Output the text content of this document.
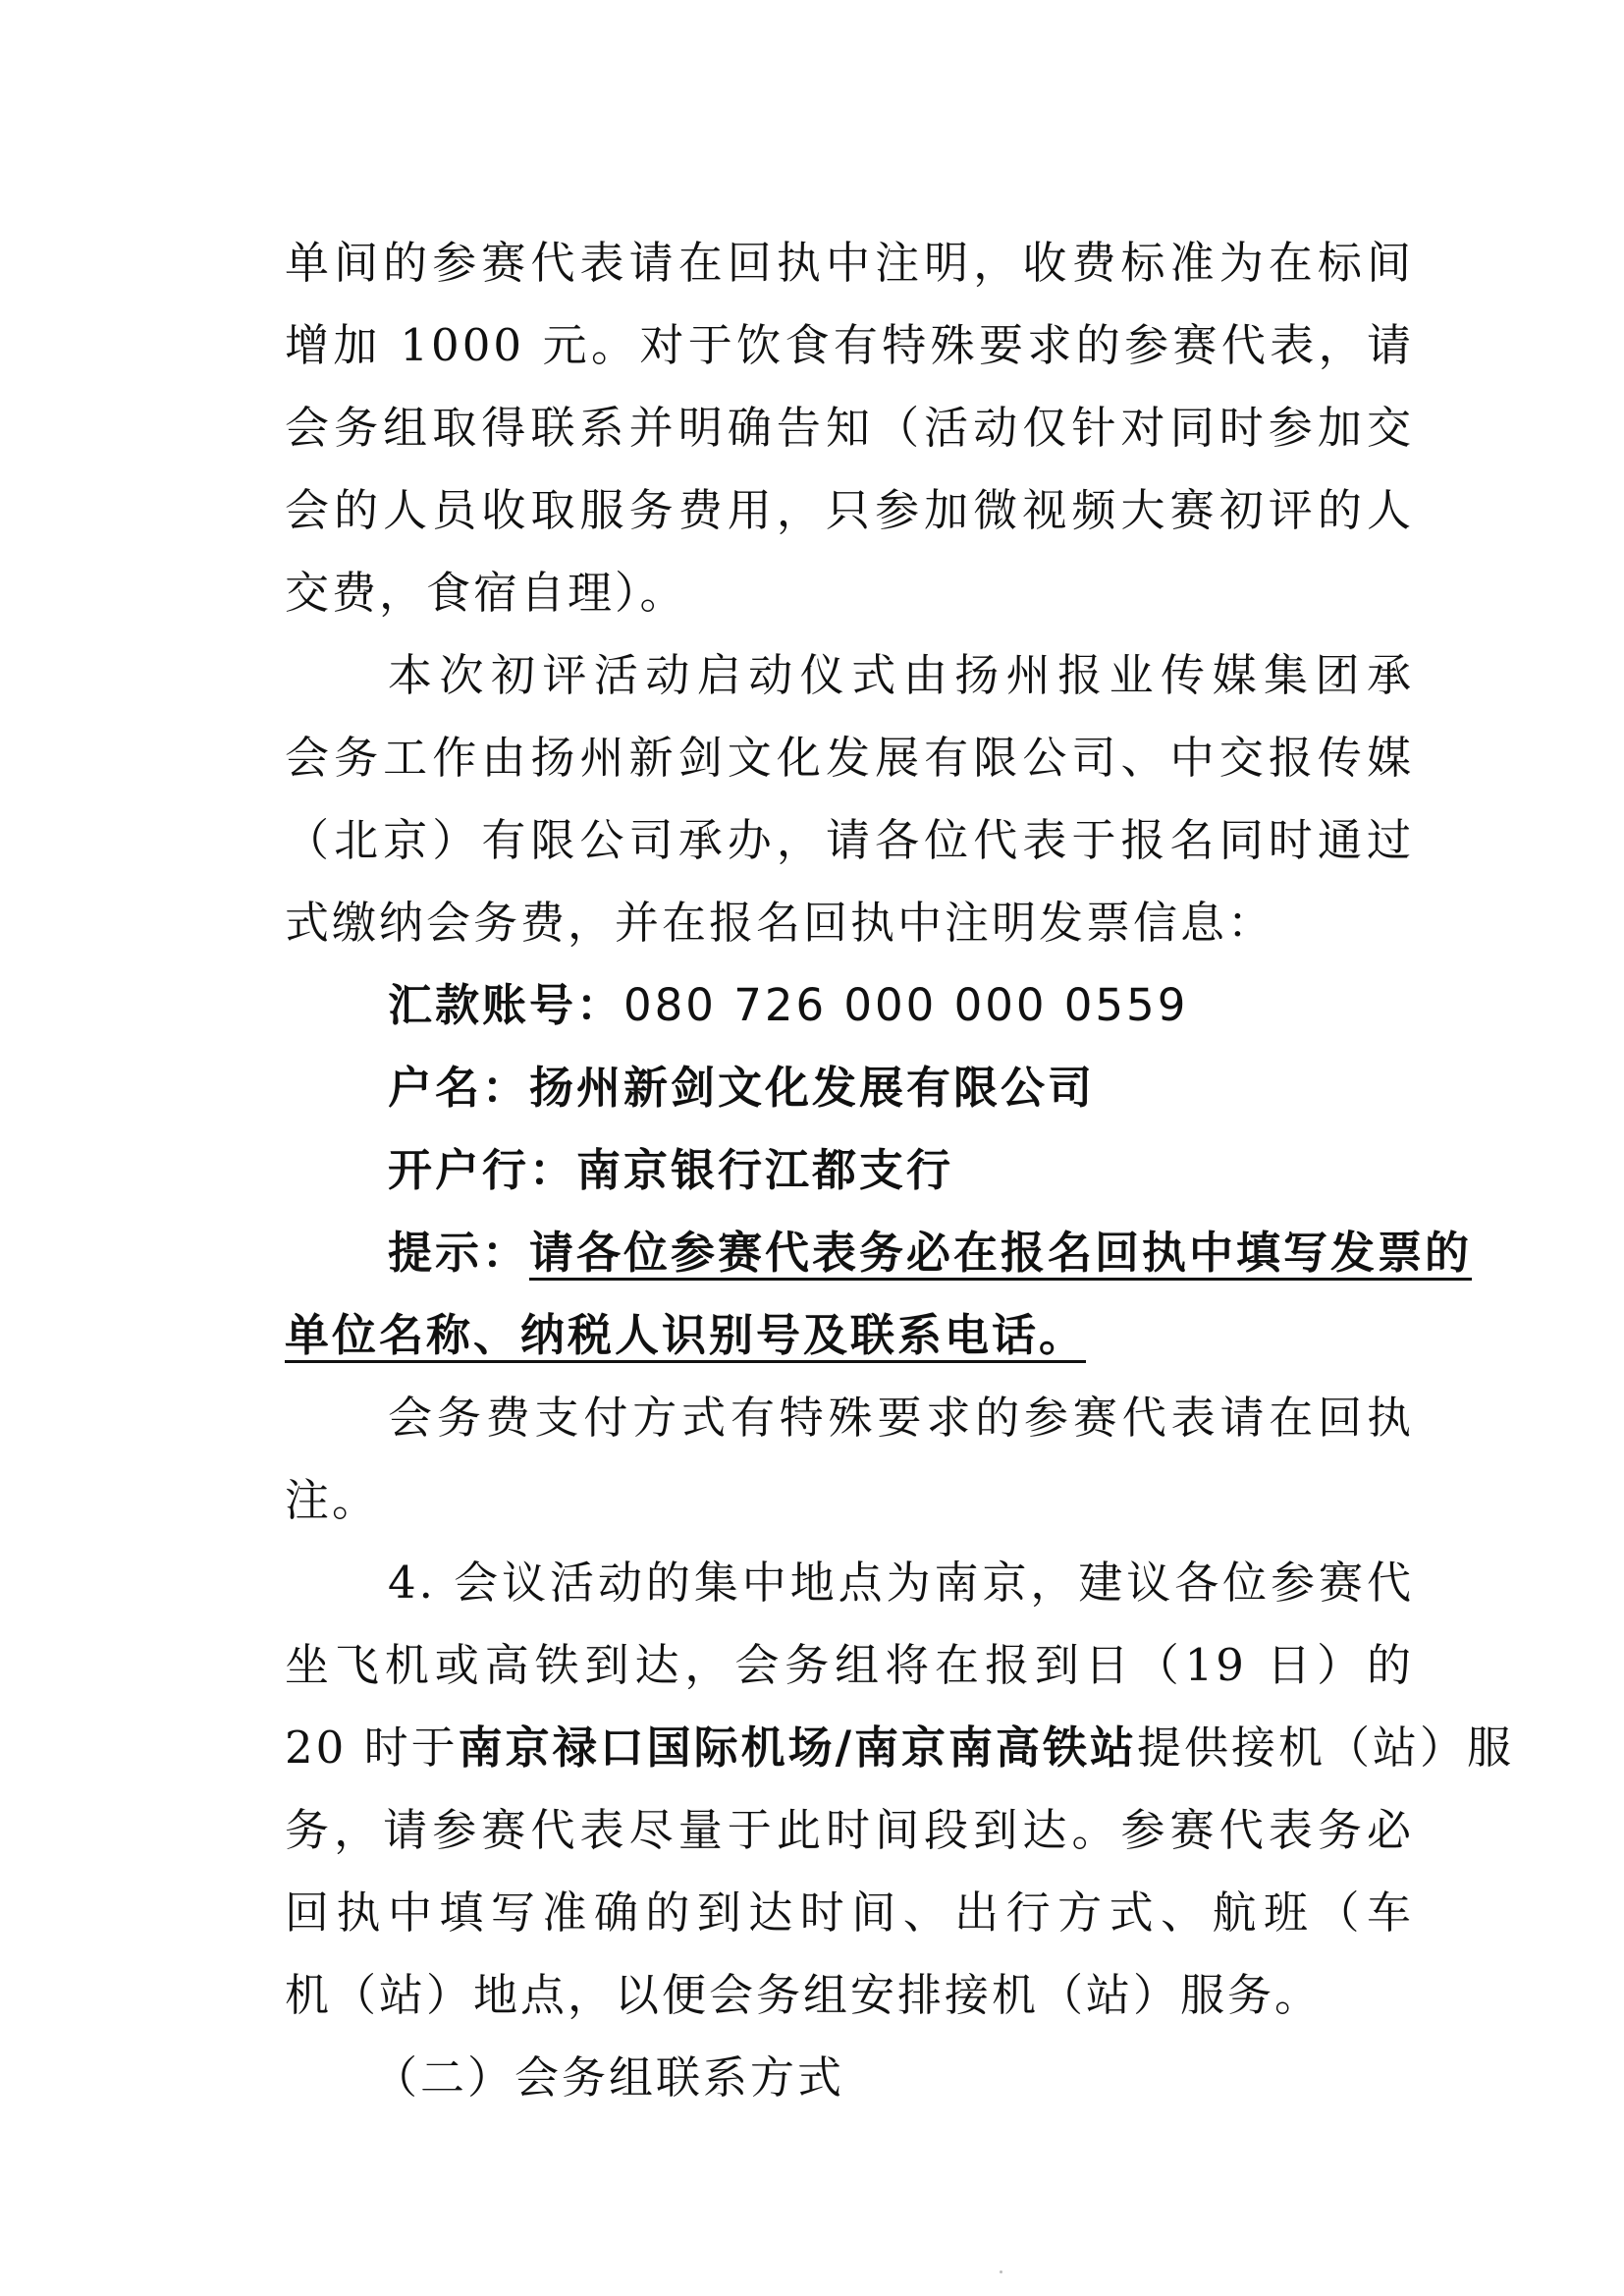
单间的参赛代表请在回执中注明，收费标准为在标间
增加 1000 元。对于饮食有特殊要求的参赛代表，请
会务组取得联系并明确告知（活动仅针对同时参加交
会的人员收取服务费用，只参加微视频大赛初评的人
交费，食宿自理）。
本次初评活动启动仪式由扬州报业传媒集团承
会务工作由扬州新剑文化发展有限公司、中交报传媒
（北京）有限公司承办，请各位代表于报名同时通过
式缴纳会务费，并在报名回执中注明发票信息：
汇款账号：080 726 000 000 0559
户名：扬州新剑文化发展有限公司
开户行：南京银行江都支行
提示：请各位参赛代表务必在报名回执中填写发票的
单位名称、纳税人识别号及联系电话。
会务费支付方式有特殊要求的参赛代表请在回执
注。
4. 会议活动的集中地点为南京，建议各位参赛代
坐飞机或高铁到达，会务组将在报到日（19 日）的
20 时于南京禄口国际机场/南京南高铁站提供接机（站）服
务，请参赛代表尽量于此时间段到达。参赛代表务必
回执中填写准确的到达时间、出行方式、航班（车
机（站）地点，以便会务组安排接机（站）服务。
（二）会务组联系方式
